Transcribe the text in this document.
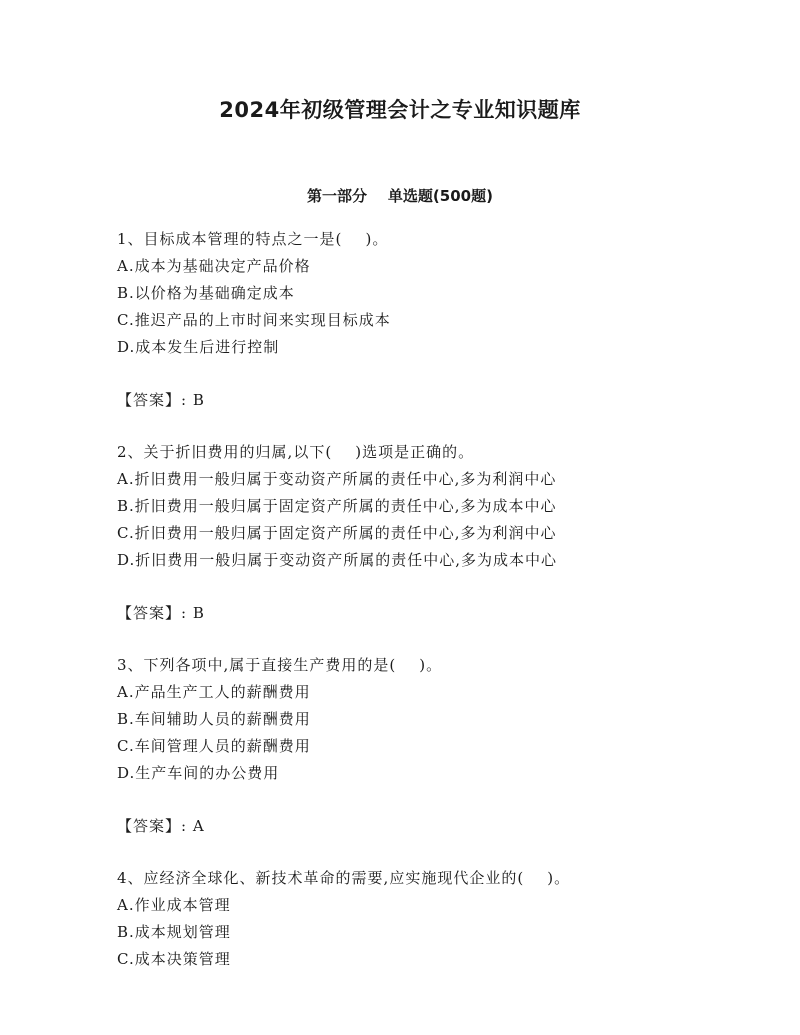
2024年初级管理会计之专业知识题库
第一部分    单选题(500题)
1、目标成本管理的特点之一是(    )。
A.成本为基础决定产品价格
B.以价格为基础确定成本
C.推迟产品的上市时间来实现目标成本
D.成本发生后进行控制
【答案】: B
2、关于折旧费用的归属,以下(    )选项是正确的。
A.折旧费用一般归属于变动资产所属的责任中心,多为利润中心
B.折旧费用一般归属于固定资产所属的责任中心,多为成本中心
C.折旧费用一般归属于固定资产所属的责任中心,多为利润中心
D.折旧费用一般归属于变动资产所属的责任中心,多为成本中心
【答案】: B
3、下列各项中,属于直接生产费用的是(    )。
A.产品生产工人的薪酬费用
B.车间辅助人员的薪酬费用
C.车间管理人员的薪酬费用
D.生产车间的办公费用
【答案】: A
4、应经济全球化、新技术革命的需要,应实施现代企业的(    )。
A.作业成本管理
B.成本规划管理
C.成本决策管理
